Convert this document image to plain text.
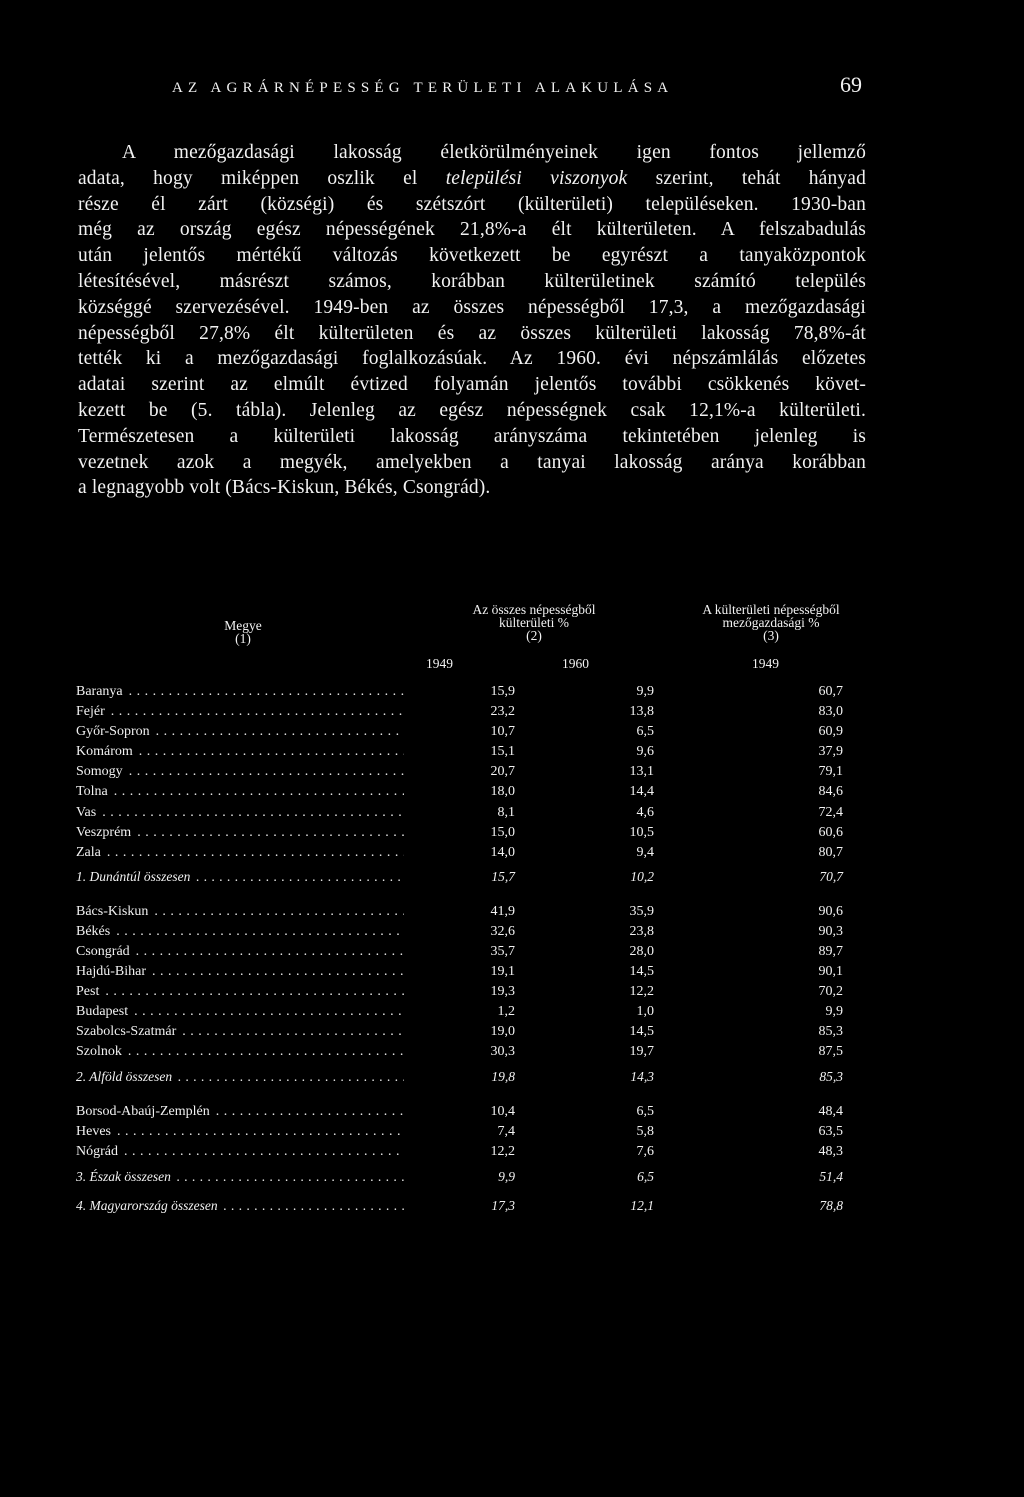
AZ AGRÁRNÉPESSÉG TERÜLETI ALAKULÁSA	69
A mezőgazdasági lakosság életkörülményeinek igen fontos jellemző
adata, hogy miképpen oszlik el települési viszonyok szerint, tehát hányad
része él zárt (községi) és szétszórt (külterületi) településeken. 1930-ban
még az ország egész népességének 21,8%-a élt külterületen. A felszabadulás
után jelentős mértékű változás következett be egyrészt a tanyaközpontok
létesítésével, másrészt számos, korábban külterületinek számító település
községgé szervezésével. 1949-ben az összes népességből 17,3, a mezőgazdasági
népességből 27,8% élt külterületen és az összes külterületi lakosság 78,8%-át
tették ki a mezőgazdasági foglalkozásúak. Az 1960. évi népszámlálás előzetes
adatai szerint az elmúlt évtized folyamán jelentős további csökkenés követ-
kezett be (5. tábla). Jelenleg az egész népességnek csak 12,1%-a külterületi.
Természetesen a külterületi lakosság arányszáma tekintetében jelenleg is
vezetnek azok a megyék, amelyekben a tanyai lakosság aránya korábban
a legnagyobb volt (Bács-Kiskun, Békés, Csongrád).
Megye
(1)
Az összes népességből
külterületi %
(2)
A külterületi népességből
mezőgazdasági %
(3)
1949	1960	1949
Baranya . . .	15,9	9,9	60,7
Fejér . . .	23,2	13,8	83,0
Győr-Sopron . . .	10,7	6,5	60,9
Komárom . . .	15,1	9,6	37,9
Somogy . . .	20,7	13,1	79,1
Tolna . . .	18,0	14,4	84,6
Vas . . .	8,1	4,6	72,4
Veszprém . . .	15,0	10,5	60,6
Zala . . .	14,0	9,4	80,7
1. Dunántúl összesen . . .	15,7	10,2	70,7
Bács-Kiskun . . .	41,9	35,9	90,6
Békés . . .	32,6	23,8	90,3
Csongrád . . .	35,7	28,0	89,7
Hajdú-Bihar . . .	19,1	14,5	90,1
Pest . . .	19,3	12,2	70,2
Budapest . . .	1,2	1,0	9,9
Szabolcs-Szatmár . . .	19,0	14,5	85,3
Szolnok . . .	30,3	19,7	87,5
2. Alföld összesen . . .	19,8	14,3	85,3
Borsod-Abaúj-Zemplén . . .	10,4	6,5	48,4
Heves . . .	7,4	5,8	63,5
Nógrád . . .	12,2	7,6	48,3
3. Észak összesen . . .	9,9	6,5	51,4
4. Magyarország összesen . . .	17,3	12,1	78,8
